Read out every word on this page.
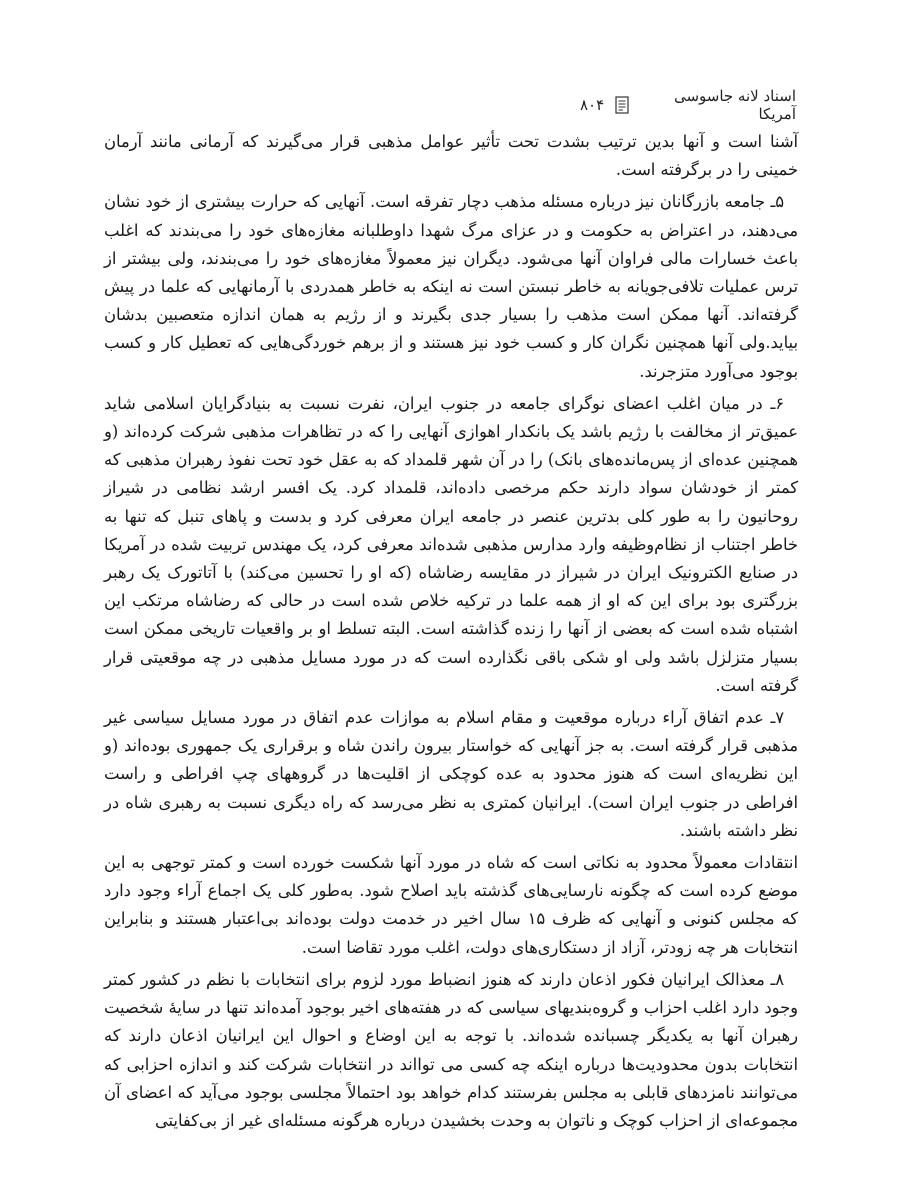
اسناد لانه جاسوسی آمریکا
۸۰۴

آشنا است و آنها بدین ترتیب بشدت تحت تأثیر عوامل مذهبی قرار می‌گیرند که آرمانی مانند آرمان خمینی را در برگرفته است.

۵ـ جامعه بازرگانان نیز درباره مسئله مذهب دچار تفرقه است. آنهایی که حرارت بیشتری از خود نشان می‌دهند، در اعتراض به حکومت و در عزای مرگ شهدا داوطلبانه مغازه‌های خود را می‌بندند که اغلب باعث خسارات مالی فراوان آنها می‌شود. دیگران نیز معمولاً مغازه‌های خود را می‌بندند، ولی بیشتر از ترس عملیات تلافی‌جویانه به خاطر نبستن است نه اینکه به خاطر همدردی با آرمانهایی که علما در پیش گرفته‌اند. آنها ممکن است مذهب را بسیار جدی بگیرند و از رژیم به همان اندازه متعصبین بدشان بیاید.ولی آنها همچنین نگران کار و کسب خود نیز هستند و از برهم خوردگی‌هایی که تعطیل کار و کسب بوجود می‌آورد متزجرند.

۶ـ در میان اغلب اعضای نوگرای جامعه در جنوب ایران، نفرت نسبت به بنیادگرایان اسلامی شاید عمیق‌تر از مخالفت با رژیم باشد یک بانکدار اهوازی آنهایی را که در تظاهرات مذهبی شرکت کرده‌اند (و همچنین عده‌ای از پس‌مانده‌های بانک) را در آن شهر قلمداد که به عقل خود تحت نفوذ رهبران مذهبی که کمتر از خودشان سواد دارند حکم مرخصی داده‌اند، قلمداد کرد. یک افسر ارشد نظامی در شیراز روحانیون را به طور کلی بدترین عنصر در جامعه ایران معرفی کرد و بدست و پاهای تنبل که تنها به خاطر اجتناب از نظام‌وظیفه وارد مدارس مذهبی شده‌اند معرفی کرد، یک مهندس تربیت شده در آمریکا در صنایع الکترونیک ایران در شیراز در مقایسه رضاشاه (که او را تحسین می‌کند) با آتاتورک یک رهبر بزرگتری بود برای این که او از همه علما در ترکیه خلاص شده است در حالی که رضاشاه مرتکب این اشتباه شده است که بعضی از آنها را زنده گذاشته است. البته تسلط او بر واقعیات تاریخی ممکن است بسیار متزلزل باشد ولی او شکی باقی نگذارده است که در مورد مسایل مذهبی در چه موقعیتی قرار گرفته است.

۷ـ عدم اتفاق آراء درباره موقعیت و مقام اسلام به موازات عدم اتفاق در مورد مسایل سیاسی غیر مذهبی قرار گرفته است. به جز آنهایی که خواستار بیرون راندن شاه و برقراری یک جمهوری بوده‌اند (و این نظریه‌ای است که هنوز محدود به عده کوچکی از اقلیت‌ها در گروههای چپ افراطی و راست افراطی در جنوب ایران است). ایرانیان کمتری به نظر می‌رسد که راه دیگری نسبت به رهبری شاه در نظر داشته باشند.

انتقادات معمولاً محدود به نکاتی است که شاه در مورد آنها شکست خورده است و کمتر توجهی به این موضع کرده است که چگونه نارسایی‌های گذشته باید اصلاح شود. به‌طور کلی یک اجماع آراء وجود دارد که مجلس کنونی و آنهایی که ظرف ۱۵ سال اخیر در خدمت دولت بوده‌اند بی‌اعتبار هستند و بنابراین انتخابات هر چه زودتر، آزاد از دستکاری‌های دولت، اغلب مورد تقاضا است.

۸ـ معذالک ایرانیان فکور اذعان دارند که هنوز انضباط مورد لزوم برای انتخابات با نظم در کشور کمتر وجود دارد اغلب احزاب و گروه‌بندیهای سیاسی که در هفته‌های اخیر بوجود آمده‌اند تنها در سایهٔ شخصیت رهبران آنها به یکدیگر چسبانده شده‌اند. با توجه به این اوضاع و احوال این ایرانیان اذعان دارند که انتخابات بدون محدودیت‌ها درباره اینکه چه کسی می توااند در انتخابات شرکت کند و اندازه احزابی که می‌توانند نامزدهای قابلی به مجلس بفرستند کدام خواهد بود احتمالاً مجلسی بوجود می‌آید که اعضای آن مجموعه‌ای از احزاب کوچک و ناتوان به وحدت بخشیدن درباره هرگونه مسئله‌ای غیر از بی‌کفایتی
